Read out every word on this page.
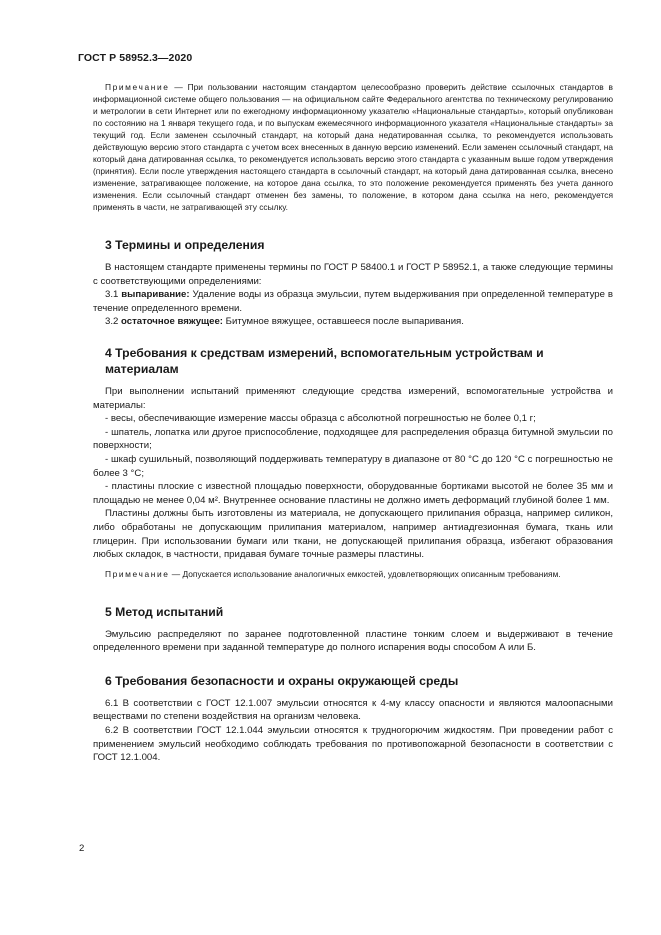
ГОСТ Р 58952.3—2020

Примечание — При пользовании настоящим стандартом целесообразно проверить действие ссылочных стандартов в информационной системе общего пользования — на официальном сайте Федерального агентства по техническому регулированию и метрологии в сети Интернет или по ежегодному информационному указателю «Национальные стандарты», который опубликован по состоянию на 1 января текущего года, и по выпускам ежемесячного информационного указателя «Национальные стандарты» за текущий год. Если заменен ссылочный стандарт, на который дана недатированная ссылка, то рекомендуется использовать действующую версию этого стандарта с учетом всех внесенных в данную версию изменений. Если заменен ссылочный стандарт, на который дана датированная ссылка, то рекомендуется использовать версию этого стандарта с указанным выше годом утверждения (принятия). Если после утверждения настоящего стандарта в ссылочный стандарт, на который дана датированная ссылка, внесено изменение, затрагивающее положение, на которое дана ссылка, то это положение рекомендуется применять без учета данного изменения. Если ссылочный стандарт отменен без замены, то положение, в котором дана ссылка на него, рекомендуется применять в части, не затрагивающей эту ссылку.

3 Термины и определения

В настоящем стандарте применены термины по ГОСТ Р 58400.1 и ГОСТ Р 58952.1, а также следующие термины с соответствующими определениями:

3.1 выпаривание: Удаление воды из образца эмульсии, путем выдерживания при определенной температуре в течение определенного времени.

3.2 остаточное вяжущее: Битумное вяжущее, оставшееся после выпаривания.

4 Требования к средствам измерений, вспомогательным устройствам и материалам

При выполнении испытаний применяют следующие средства измерений, вспомогательные устройства и материалы:

- весы, обеспечивающие измерение массы образца с абсолютной погрешностью не более 0,1 г;

- шпатель, лопатка или другое приспособление, подходящее для распределения образца битумной эмульсии по поверхности;

- шкаф сушильный, позволяющий поддерживать температуру в диапазоне от 80 °С до 120 °С с погрешностью не более 3 °С;

- пластины плоские с известной площадью поверхности, оборудованные бортиками высотой не более 35 мм и площадью не менее 0,04 м². Внутреннее основание пластины не должно иметь деформаций глубиной более 1 мм.

Пластины должны быть изготовлены из материала, не допускающего прилипания образца, например силикон, либо обработаны не допускающим прилипания материалом, например антиадгезионная бумага, ткань или глицерин. При использовании бумаги или ткани, не допускающей прилипания образца, избегают образования любых складок, в частности, придавая бумаге точные размеры пластины.

Примечание — Допускается использование аналогичных емкостей, удовлетворяющих описанным требованиям.

5 Метод испытаний

Эмульсию распределяют по заранее подготовленной пластине тонким слоем и выдерживают в течение определенного времени при заданной температуре до полного испарения воды способом А или Б.

6 Требования безопасности и охраны окружающей среды

6.1 В соответствии с ГОСТ 12.1.007 эмульсии относятся к 4-му классу опасности и являются малоопасными веществами по степени воздействия на организм человека.

6.2 В соответствии ГОСТ 12.1.044 эмульсии относятся к трудногорючим жидкостям. При проведении работ с применением эмульсий необходимо соблюдать требования по противопожарной безопасности в соответствии с ГОСТ 12.1.004.

2
